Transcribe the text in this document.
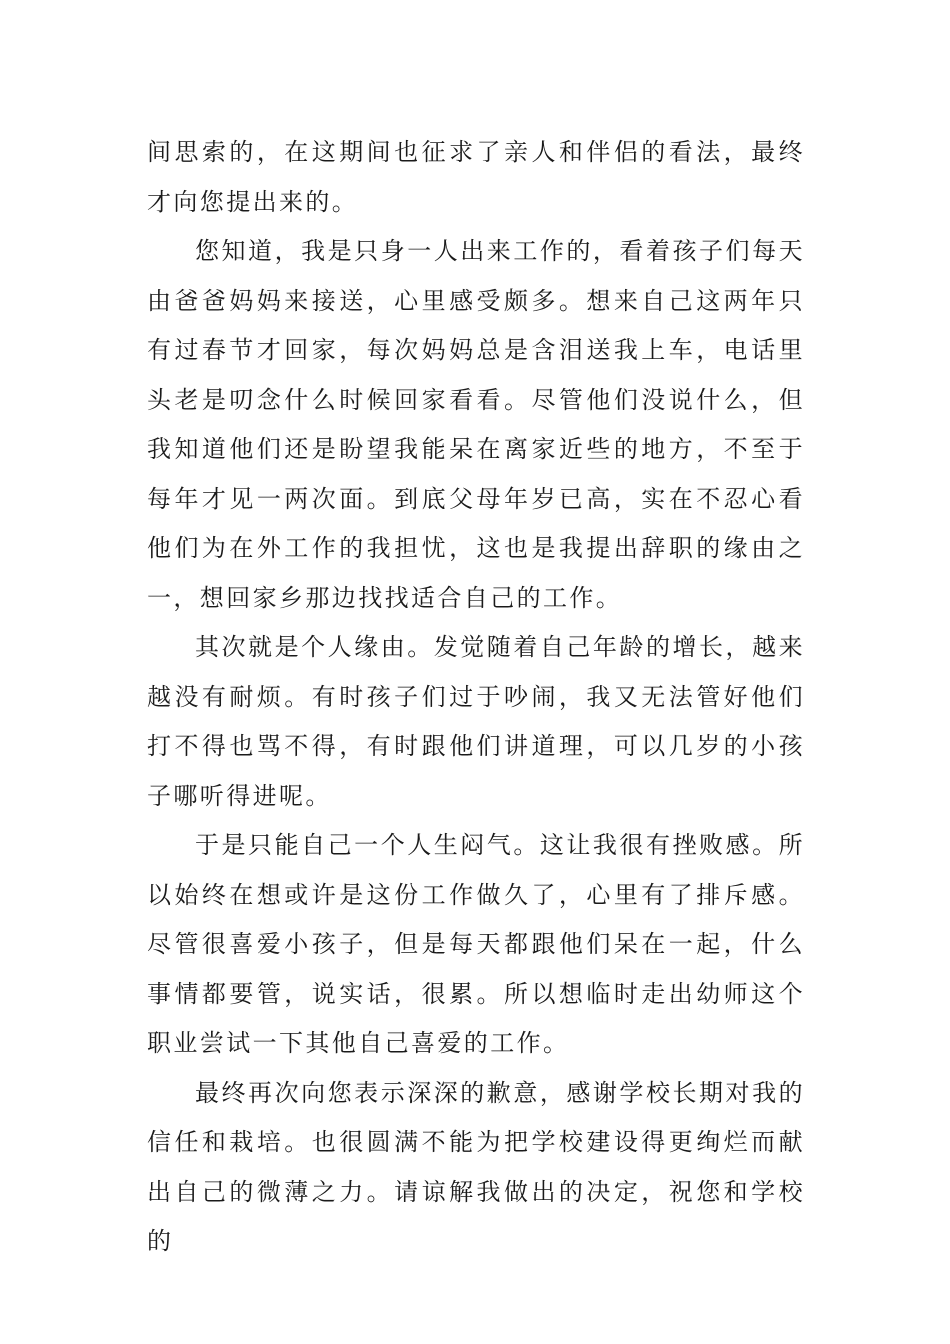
间思索的，在这期间也征求了亲人和伴侣的看法，最终才向您提出来的。

您知道，我是只身一人出来工作的，看着孩子们每天由爸爸妈妈来接送，心里感受颇多。想来自己这两年只有过春节才回家，每次妈妈总是含泪送我上车，电话里头老是叨念什么时候回家看看。尽管他们没说什么，但我知道他们还是盼望我能呆在离家近些的地方，不至于每年才见一两次面。到底父母年岁已高，实在不忍心看他们为在外工作的我担忧，这也是我提出辞职的缘由之一，想回家乡那边找找适合自己的工作。

其次就是个人缘由。发觉随着自己年龄的增长，越来越没有耐烦。有时孩子们过于吵闹，我又无法管好他们打不得也骂不得，有时跟他们讲道理，可以几岁的小孩子哪听得进呢。

于是只能自己一个人生闷气。这让我很有挫败感。所以始终在想或许是这份工作做久了，心里有了排斥感。尽管很喜爱小孩子，但是每天都跟他们呆在一起，什么事情都要管，说实话，很累。所以想临时走出幼师这个职业尝试一下其他自己喜爱的工作。

最终再次向您表示深深的歉意，感谢学校长期对我的信任和栽培。也很圆满不能为把学校建设得更绚烂而献出自己的微薄之力。请谅解我做出的决定，祝您和学校的
